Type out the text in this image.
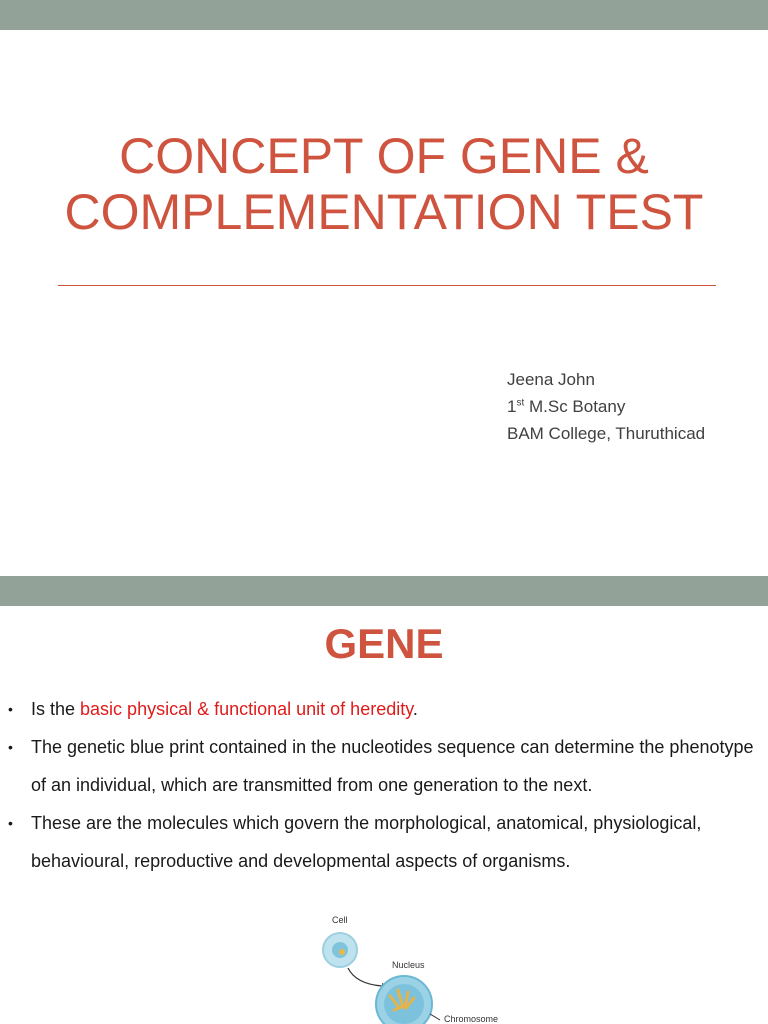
CONCEPT OF GENE &
COMPLEMENTATION TEST
Jeena John
1st M.Sc Botany
BAM College, Thuruthicad
GENE
• Is the basic physical & functional unit of heredity.
• The genetic blue print contained in the nucleotides sequence can determine the phenotype of an individual, which are transmitted from one generation to the next.
• These are the molecules which govern the morphological, anatomical, physiological, behavioural, reproductive and developmental aspects of organisms.
Cell
Nucleus
Chromosome
